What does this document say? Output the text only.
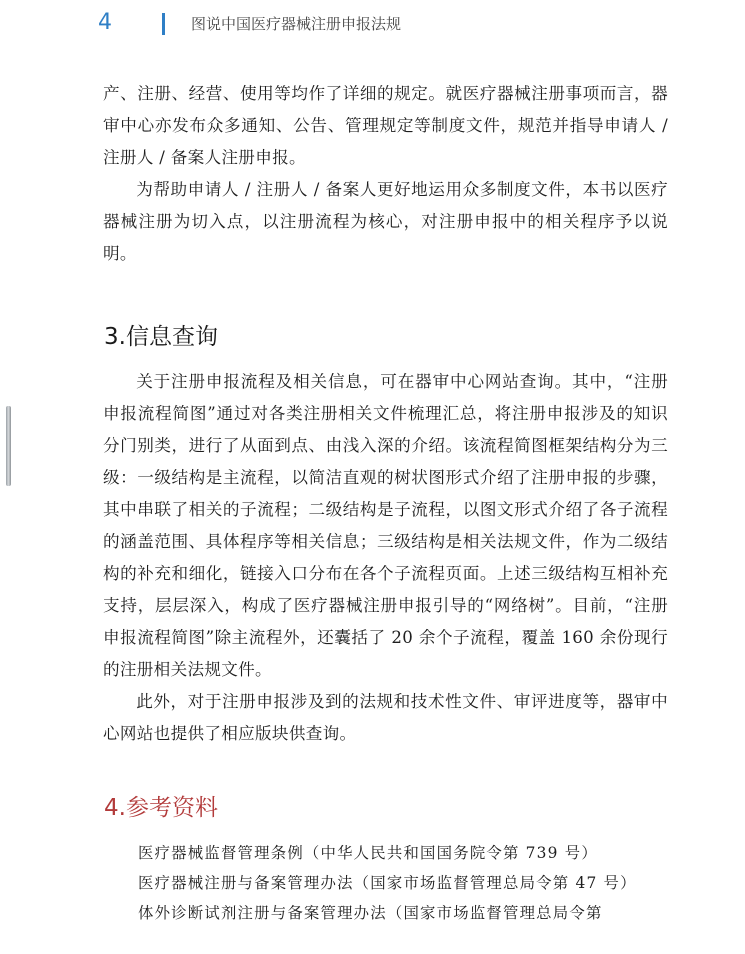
4	图说中国医疗器械注册申报法规

产、注册、经营、使用等均作了详细的规定。就医疗器械注册事项而言，器审中心亦发布众多通知、公告、管理规定等制度文件，规范并指导申请人 / 注册人 / 备案人注册申报。

为帮助申请人 / 注册人 / 备案人更好地运用众多制度文件，本书以医疗器械注册为切入点，以注册流程为核心，对注册申报中的相关程序予以说明。

3.信息查询

关于注册申报流程及相关信息，可在器审中心网站查询。其中，“注册申报流程简图”通过对各类注册相关文件梳理汇总，将注册申报涉及的知识分门别类，进行了从面到点、由浅入深的介绍。该流程简图框架结构分为三级：一级结构是主流程，以简洁直观的树状图形式介绍了注册申报的步骤，其中串联了相关的子流程；二级结构是子流程，以图文形式介绍了各子流程的涵盖范围、具体程序等相关信息；三级结构是相关法规文件，作为二级结构的补充和细化，链接入口分布在各个子流程页面。上述三级结构互相补充支持，层层深入，构成了医疗器械注册申报引导的“网络树”。目前，“注册申报流程简图”除主流程外，还囊括了 20 余个子流程，覆盖 160 余份现行的注册相关法规文件。

此外，对于注册申报涉及到的法规和技术性文件、审评进度等，器审中心网站也提供了相应版块供查询。

4.参考资料
医疗器械监督管理条例（中华人民共和国国务院令第 739 号）
医疗器械注册与备案管理办法（国家市场监督管理总局令第 47 号）
体外诊断试剂注册与备案管理办法（国家市场监督管理总局令第
